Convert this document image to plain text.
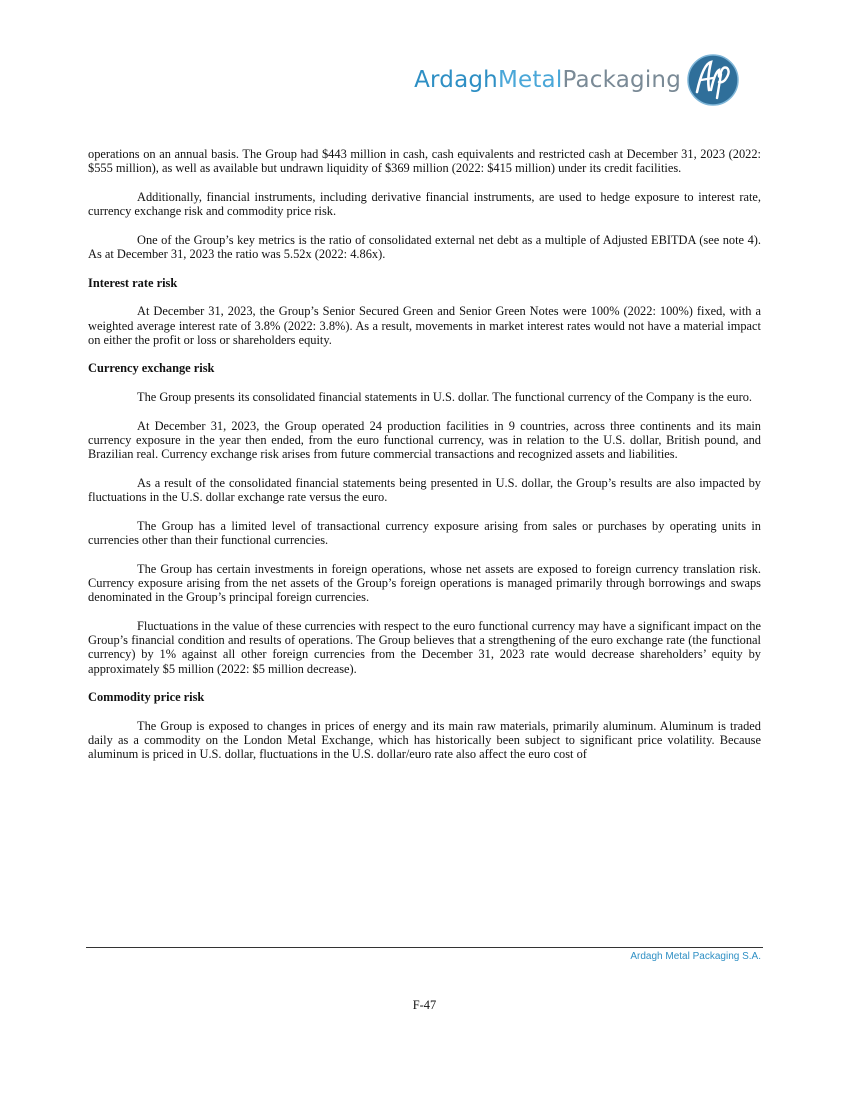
ArdaghMetalPackaging

operations on an annual basis. The Group had $443 million in cash, cash equivalents and restricted cash at December 31, 2023 (2022: $555 million), as well as available but undrawn liquidity of $369 million (2022: $415 million) under its credit facilities.

Additionally, financial instruments, including derivative financial instruments, are used to hedge exposure to interest rate, currency exchange risk and commodity price risk.

One of the Group’s key metrics is the ratio of consolidated external net debt as a multiple of Adjusted EBITDA (see note 4). As at December 31, 2023 the ratio was 5.52x (2022: 4.86x).

Interest rate risk

At December 31, 2023, the Group’s Senior Secured Green and Senior Green Notes were 100% (2022: 100%) fixed, with a weighted average interest rate of 3.8% (2022: 3.8%). As a result, movements in market interest rates would not have a material impact on either the profit or loss or shareholders equity.

Currency exchange risk

The Group presents its consolidated financial statements in U.S. dollar. The functional currency of the Company is the euro.

At December 31, 2023, the Group operated 24 production facilities in 9 countries, across three continents and its main currency exposure in the year then ended, from the euro functional currency, was in relation to the U.S. dollar, British pound, and Brazilian real. Currency exchange risk arises from future commercial transactions and recognized assets and liabilities.

As a result of the consolidated financial statements being presented in U.S. dollar, the Group’s results are also impacted by fluctuations in the U.S. dollar exchange rate versus the euro.

The Group has a limited level of transactional currency exposure arising from sales or purchases by operating units in currencies other than their functional currencies.

The Group has certain investments in foreign operations, whose net assets are exposed to foreign currency translation risk. Currency exposure arising from the net assets of the Group’s foreign operations is managed primarily through borrowings and swaps denominated in the Group’s principal foreign currencies.

Fluctuations in the value of these currencies with respect to the euro functional currency may have a significant impact on the Group’s financial condition and results of operations. The Group believes that a strengthening of the euro exchange rate (the functional currency) by 1% against all other foreign currencies from the December 31, 2023 rate would decrease shareholders’ equity by approximately $5 million (2022: $5 million decrease).

Commodity price risk

The Group is exposed to changes in prices of energy and its main raw materials, primarily aluminum. Aluminum is traded daily as a commodity on the London Metal Exchange, which has historically been subject to significant price volatility. Because aluminum is priced in U.S. dollar, fluctuations in the U.S. dollar/euro rate also affect the euro cost of

Ardagh Metal Packaging S.A.
F-47
